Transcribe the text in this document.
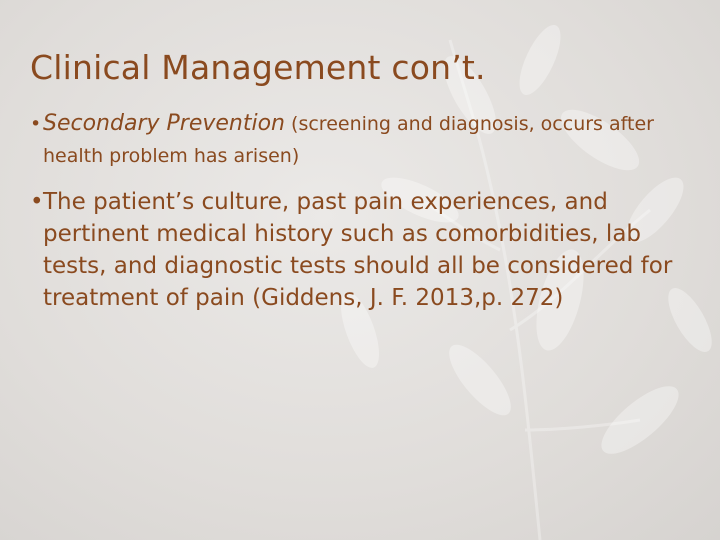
Clinical Management con’t.
• Secondary Prevention (screening and diagnosis, occurs after health problem has arisen)
• The patient’s culture, past pain experiences, and pertinent medical history such as comorbidities, lab tests, and diagnostic tests should all be considered for treatment of pain (Giddens, J. F. 2013,p. 272)
